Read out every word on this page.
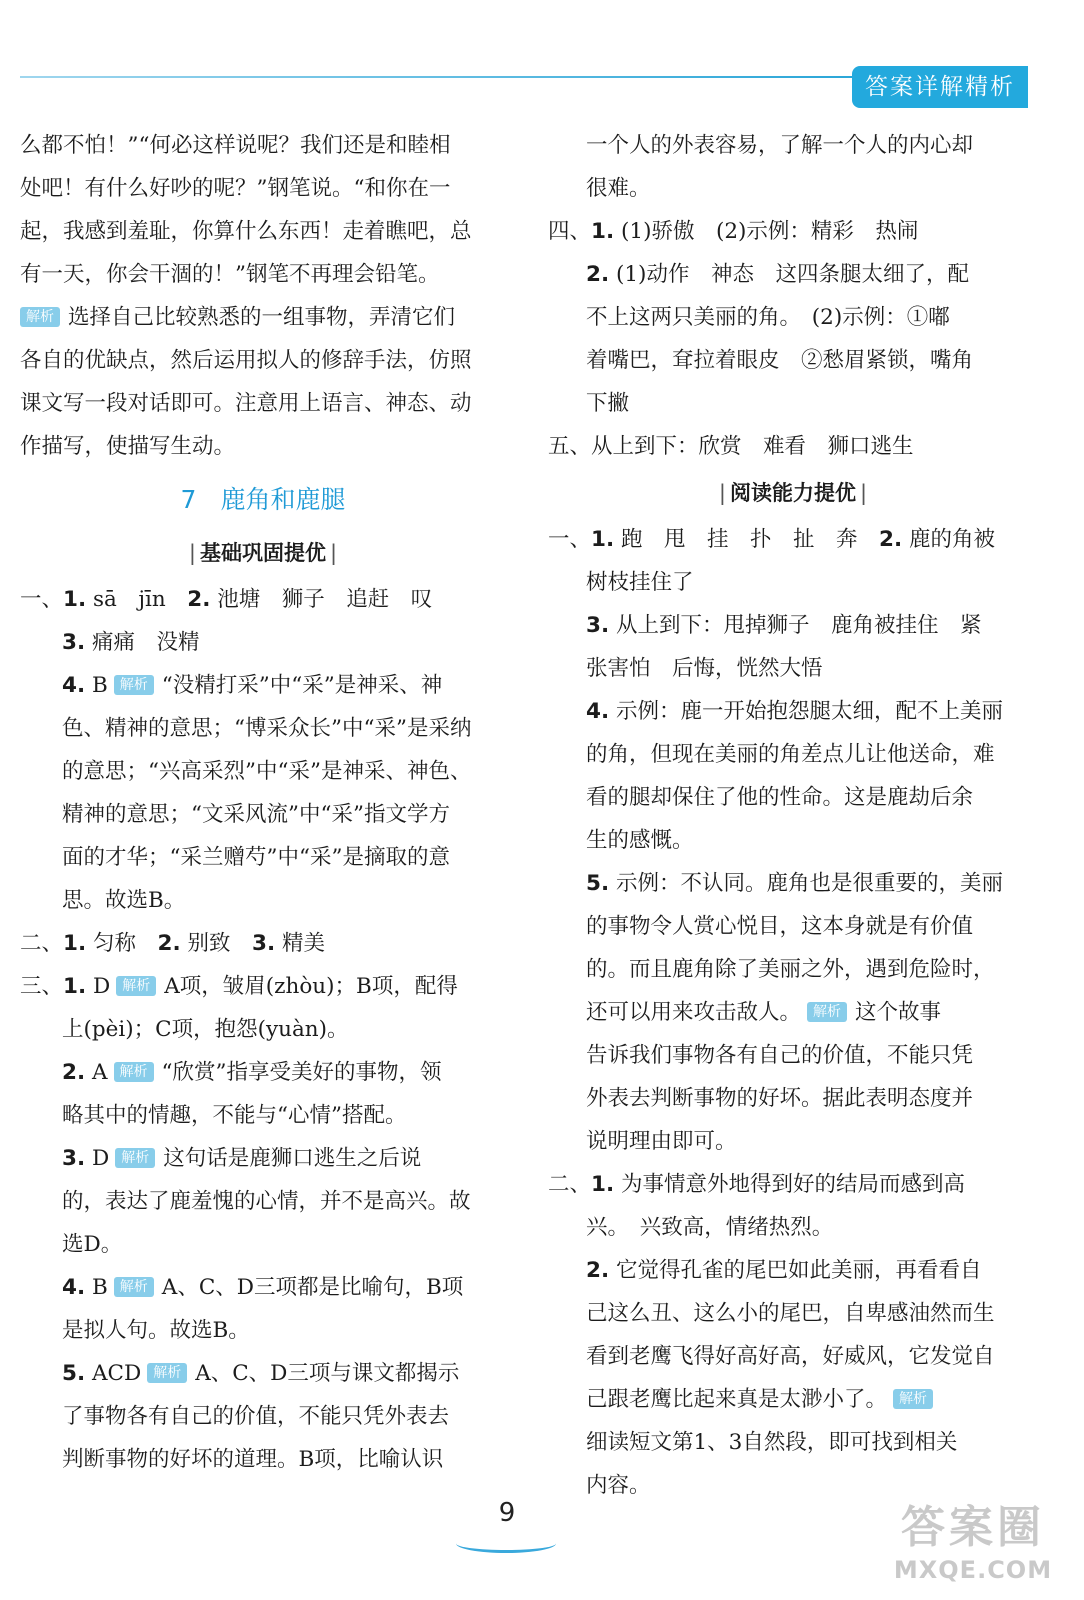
答案详解精析

么都不怕！”“何必这样说呢？我们还是和睦相

处吧！有什么好吵的呢？”钢笔说。“和你在一

起，我感到羞耻，你算什么东西！走着瞧吧，总

有一天，你会干涸的！”钢笔不再理会铅笔。

解析 选择自己比较熟悉的一组事物，弄清它们

各自的优缺点，然后运用拟人的修辞手法，仿照

课文写一段对话即可。注意用上语言、神态、动

作描写，使描写生动。

7 鹿角和鹿腿
| 基础巩固提优 |

一、1. sā　jīn　2. 池塘　狮子　追赶　叹

3. 痛痛　没精

4. B 解析 “没精打采”中“采”是神采、神

色、精神的意思；“博采众长”中“采”是采纳

的意思；“兴高采烈”中“采”是神采、神色、

精神的意思；“文采风流”中“采”指文学方

面的才华；“采兰赠芍”中“采”是摘取的意

思。故选B。

二、1. 匀称　2. 别致　3. 精美

三、1. D 解析 A项，皱眉(zhòu)；B项，配得

上(pèi)；C项，抱怨(yuàn)。

2. A 解析 “欣赏”指享受美好的事物，领

略其中的情趣，不能与“心情”搭配。

3. D 解析 这句话是鹿狮口逃生之后说

的，表达了鹿羞愧的心情，并不是高兴。故

选D。

4. B 解析 A、C、D三项都是比喻句，B项

是拟人句。故选B。

5. ACD 解析 A、C、D三项与课文都揭示

了事物各有自己的价值，不能只凭外表去

判断事物的好坏的道理。B项，比喻认识

一个人的外表容易，了解一个人的内心却

很难。

四、1. (1)骄傲　(2)示例：精彩　热闹

2. (1)动作　神态　这四条腿太细了，配

不上这两只美丽的角。　(2)示例：①嘟

着嘴巴，耷拉着眼皮　②愁眉紧锁，嘴角

下撇

五、从上到下：欣赏　难看　狮口逃生

| 阅读能力提优 |

一、1. 跑　甩　挂　扑　扯　奔　2. 鹿的角被

树枝挂住了

3. 从上到下：甩掉狮子　鹿角被挂住　紧

张害怕　后悔，恍然大悟

4. 示例：鹿一开始抱怨腿太细，配不上美丽

的角，但现在美丽的角差点儿让他送命，难

看的腿却保住了他的性命。这是鹿劫后余

生的感慨。

5. 示例：不认同。鹿角也是很重要的，美丽

的事物令人赏心悦目，这本身就是有价值

的。而且鹿角除了美丽之外，遇到危险时，

还可以用来攻击敌人。 解析 这个故事

告诉我们事物各有自己的价值，不能只凭

外表去判断事物的好坏。据此表明态度并

说明理由即可。

二、1. 为事情意外地得到好的结局而感到高

兴。　兴致高，情绪热烈。

2. 它觉得孔雀的尾巴如此美丽，再看看自

己这么丑、这么小的尾巴，自卑感油然而生

看到老鹰飞得好高好高，好威风，它发觉自

己跟老鹰比起来真是太渺小了。 解析

细读短文第1、3自然段，即可找到相关

内容。

9	答案圈
MXQE.COM
